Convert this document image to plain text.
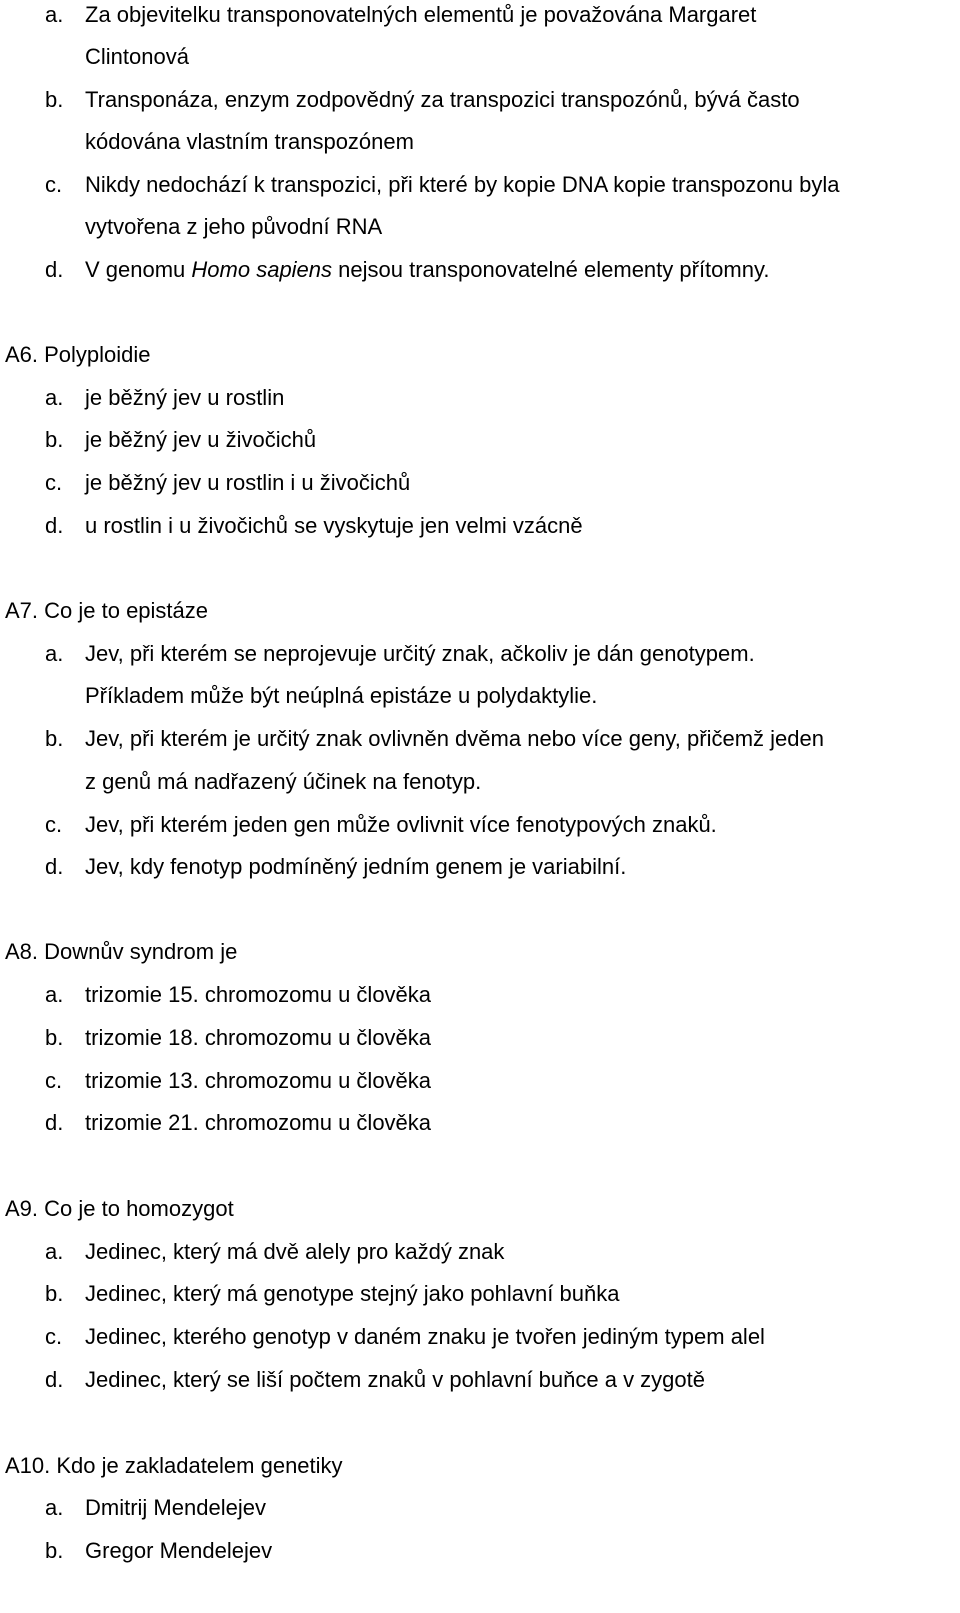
a. Za objevitelku transponovatelných elementů je považována Margaret
Clintonová
b. Transponáza, enzym zodpovědný za transpozici transpozónů, bývá často
kódována vlastním transpozónem
c. Nikdy nedochází k transpozici, při které by kopie DNA kopie transpozonu byla
vytvořena z jeho původní RNA
d. V genomu Homo sapiens nejsou transponovatelné elementy přítomny.
A6. Polyploidie
a. je běžný jev u rostlin
b. je běžný jev u živočichů
c. je běžný jev u rostlin i u živočichů
d. u rostlin i u živočichů se vyskytuje jen velmi vzácně
A7. Co je to epistáze
a. Jev, při kterém se neprojevuje určitý znak, ačkoliv je dán genotypem.
Příkladem může být neúplná epistáze u polydaktylie.
b. Jev, při kterém je určitý znak ovlivněn dvěma nebo více geny, přičemž jeden
z genů má nadřazený účinek na fenotyp.
c. Jev, při kterém jeden gen může ovlivnit více fenotypových znaků.
d. Jev, kdy fenotyp podmíněný jedním genem je variabilní.
A8. Downův syndrom je
a. trizomie 15. chromozomu u člověka
b. trizomie 18. chromozomu u člověka
c. trizomie 13. chromozomu u člověka
d. trizomie 21. chromozomu u člověka
A9. Co je to homozygot
a. Jedinec, který má dvě alely pro každý znak
b. Jedinec, který má genotype stejný jako pohlavní buňka
c. Jedinec, kterého genotyp v daném znaku je tvořen jediným typem alel
d. Jedinec, který se liší počtem znaků v pohlavní buňce a v zygotě
A10. Kdo je zakladatelem genetiky
a. Dmitrij Mendelejev
b. Gregor Mendelejev
